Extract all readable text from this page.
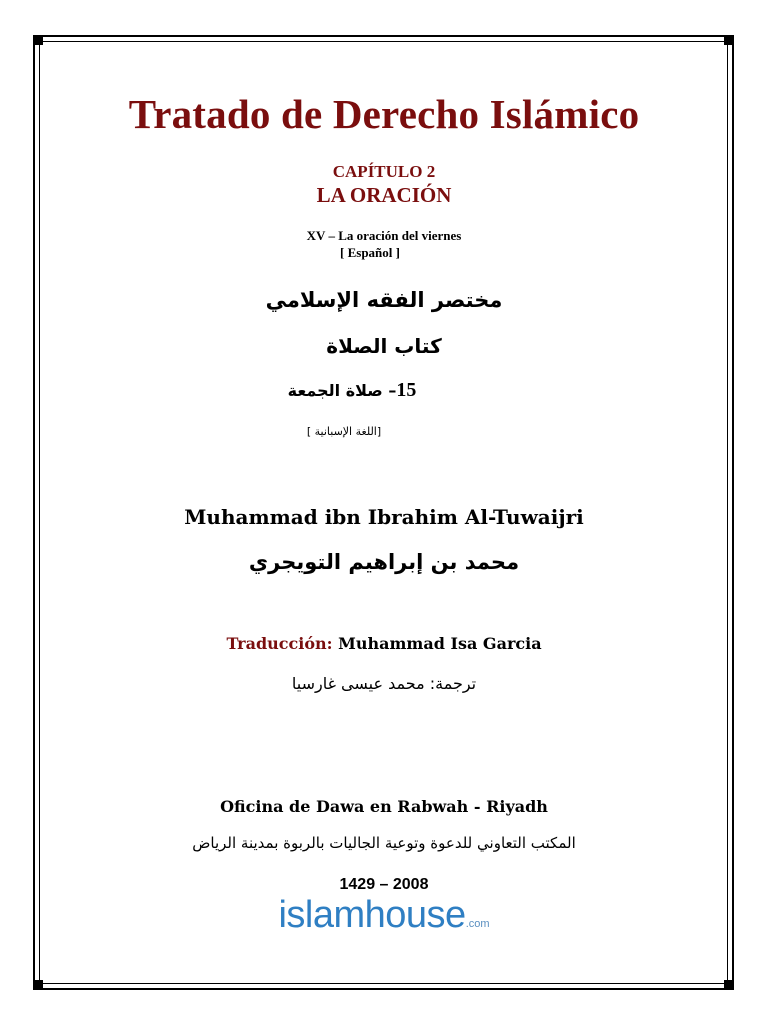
Tratado de Derecho Islámico
CAPÍTULO 2
LA ORACIÓN
XV – La oración del viernes
[ Español ]
مختصر الفقه الإسلامي
كتاب الصلاة
15– صلاة الجمعة
[اللغة الإسبانية ]
Muhammad ibn Ibrahim Al-Tuwaijri
محمد بن إبراهيم التويجري
Traducción: Muhammad Isa Garcia
ترجمة: محمد عيسى غارسيا
Oficina de Dawa en Rabwah - Riyadh
المكتب التعاوني للدعوة وتوعية الجاليات بالربوة بمدينة الرياض
1429 – 2008
islamhouse.com
